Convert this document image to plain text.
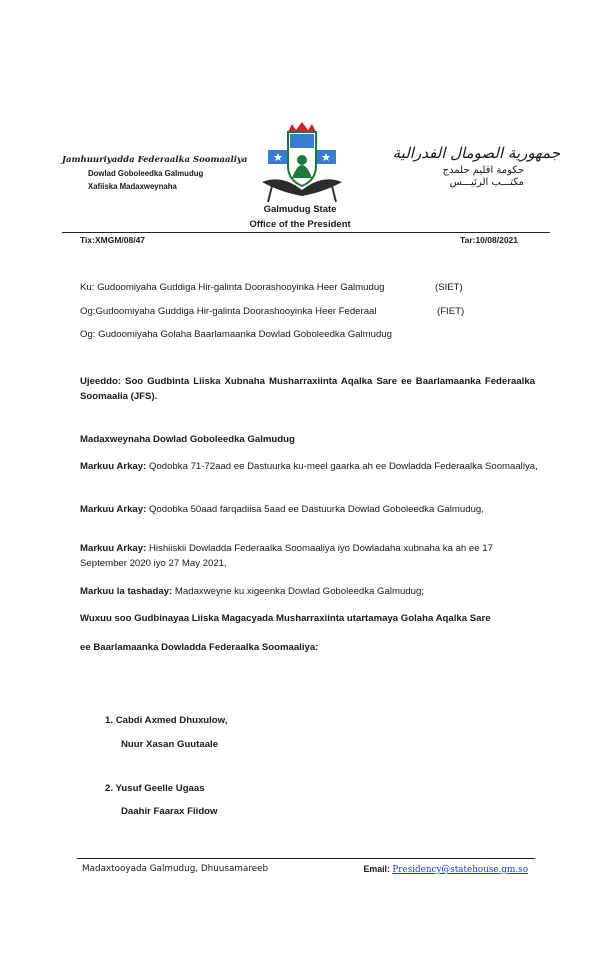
Jamhuuriyadda Federaalka Soomaaliya
Dowlad Goboleedka Galmudug
Xafiiska Madaxweynaha
جمهورية الصومال الفدرالية
حكومة اقليم جلمدج
مكتـــب الرئيـــس
Galmudug State
Office of the President
Tix:XMGM/08/47	Tar:10/08/2021
Ku: Gudoomiyaha Guddiga Hir-galinta Doorashooyinka Heer Galmudug	(SIET)
Og:Gudoomiyaha Guddiga Hir-galinta Doorashooyinka Heer Federaal	(FIET)
Og: Gudoomiyaha Golaha Baarlamaanka Dowlad Goboleedka Galmudug
Ujeeddo: Soo Gudbinta Liiska Xubnaha Musharraxiinta Aqalka Sare ee Baarlamaanka Federaalka Soomaalia (JFS).
Madaxweynaha Dowlad Goboleedka Galmudug
Markuu Arkay: Qodobka 71-72aad ee Dastuurka ku-meel gaarka ah ee Dowladda Federaalka Soomaaliya,
Markuu Arkay: Qodobka 50aad farqadiisa 5aad ee Dastuurka Dowlad Goboleedka Galmudug,
Markuu Arkay: Hishiiskii Dowladda Federaalka Soomaaliya iyo Dowladaha xubnaha ka ah ee 17 September 2020 iyo 27 May 2021,
Markuu la tashaday: Madaxweyne ku xigeenka Dowlad Goboleedka Galmudug;
Wuxuu soo Gudbinayaa Liiska Magacyada Musharraxiinta utartamaya Golaha Aqalka Sare
ee Baarlamaanka Dowladda Federaalka Soomaaliya:
1. Cabdi Axmed Dhuxulow,
Nuur Xasan Guutaale
2. Yusuf Geelle Ugaas
Daahir Faarax Fiidow
Madaxtooyada Galmudug, Dhuusamareeb	Email: Presidency@statehouse.gm.so
